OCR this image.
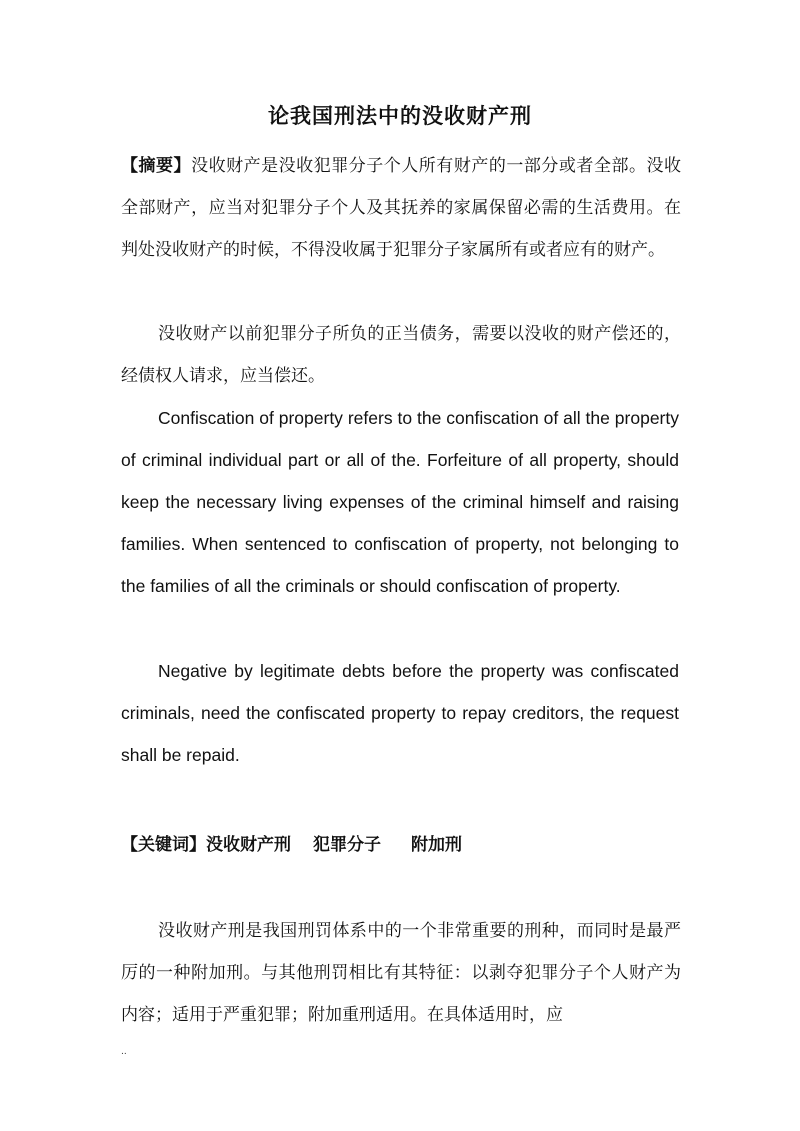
论我国刑法中的没收财产刑

【摘要】没收财产是没收犯罪分子个人所有财产的一部分或者全部。没收全部财产，应当对犯罪分子个人及其抚养的家属保留必需的生活费用。在判处没收财产的时候，不得没收属于犯罪分子家属所有或者应有的财产。

没收财产以前犯罪分子所负的正当债务，需要以没收的财产偿还的，经债权人请求，应当偿还。

Confiscation of property refers to the confiscation of all the property of criminal individual part or all of the. Forfeiture of all property, should keep the necessary living expenses of the criminal himself and raising families. When sentenced to confiscation of property, not belonging to the families of all the criminals or should confiscation of property.

Negative by legitimate debts before the property was confiscated criminals, need the confiscated property to repay creditors, the request shall be repaid.

【关键词】没收财产刑 犯罪分子 附加刑

没收财产刑是我国刑罚体系中的一个非常重要的刑种，而同时是最严厉的一种附加刑。与其他刑罚相比有其特征：以剥夺犯罪分子个人财产为内容；适用于严重犯罪；附加重刑适用。在具体适用时，应

..
